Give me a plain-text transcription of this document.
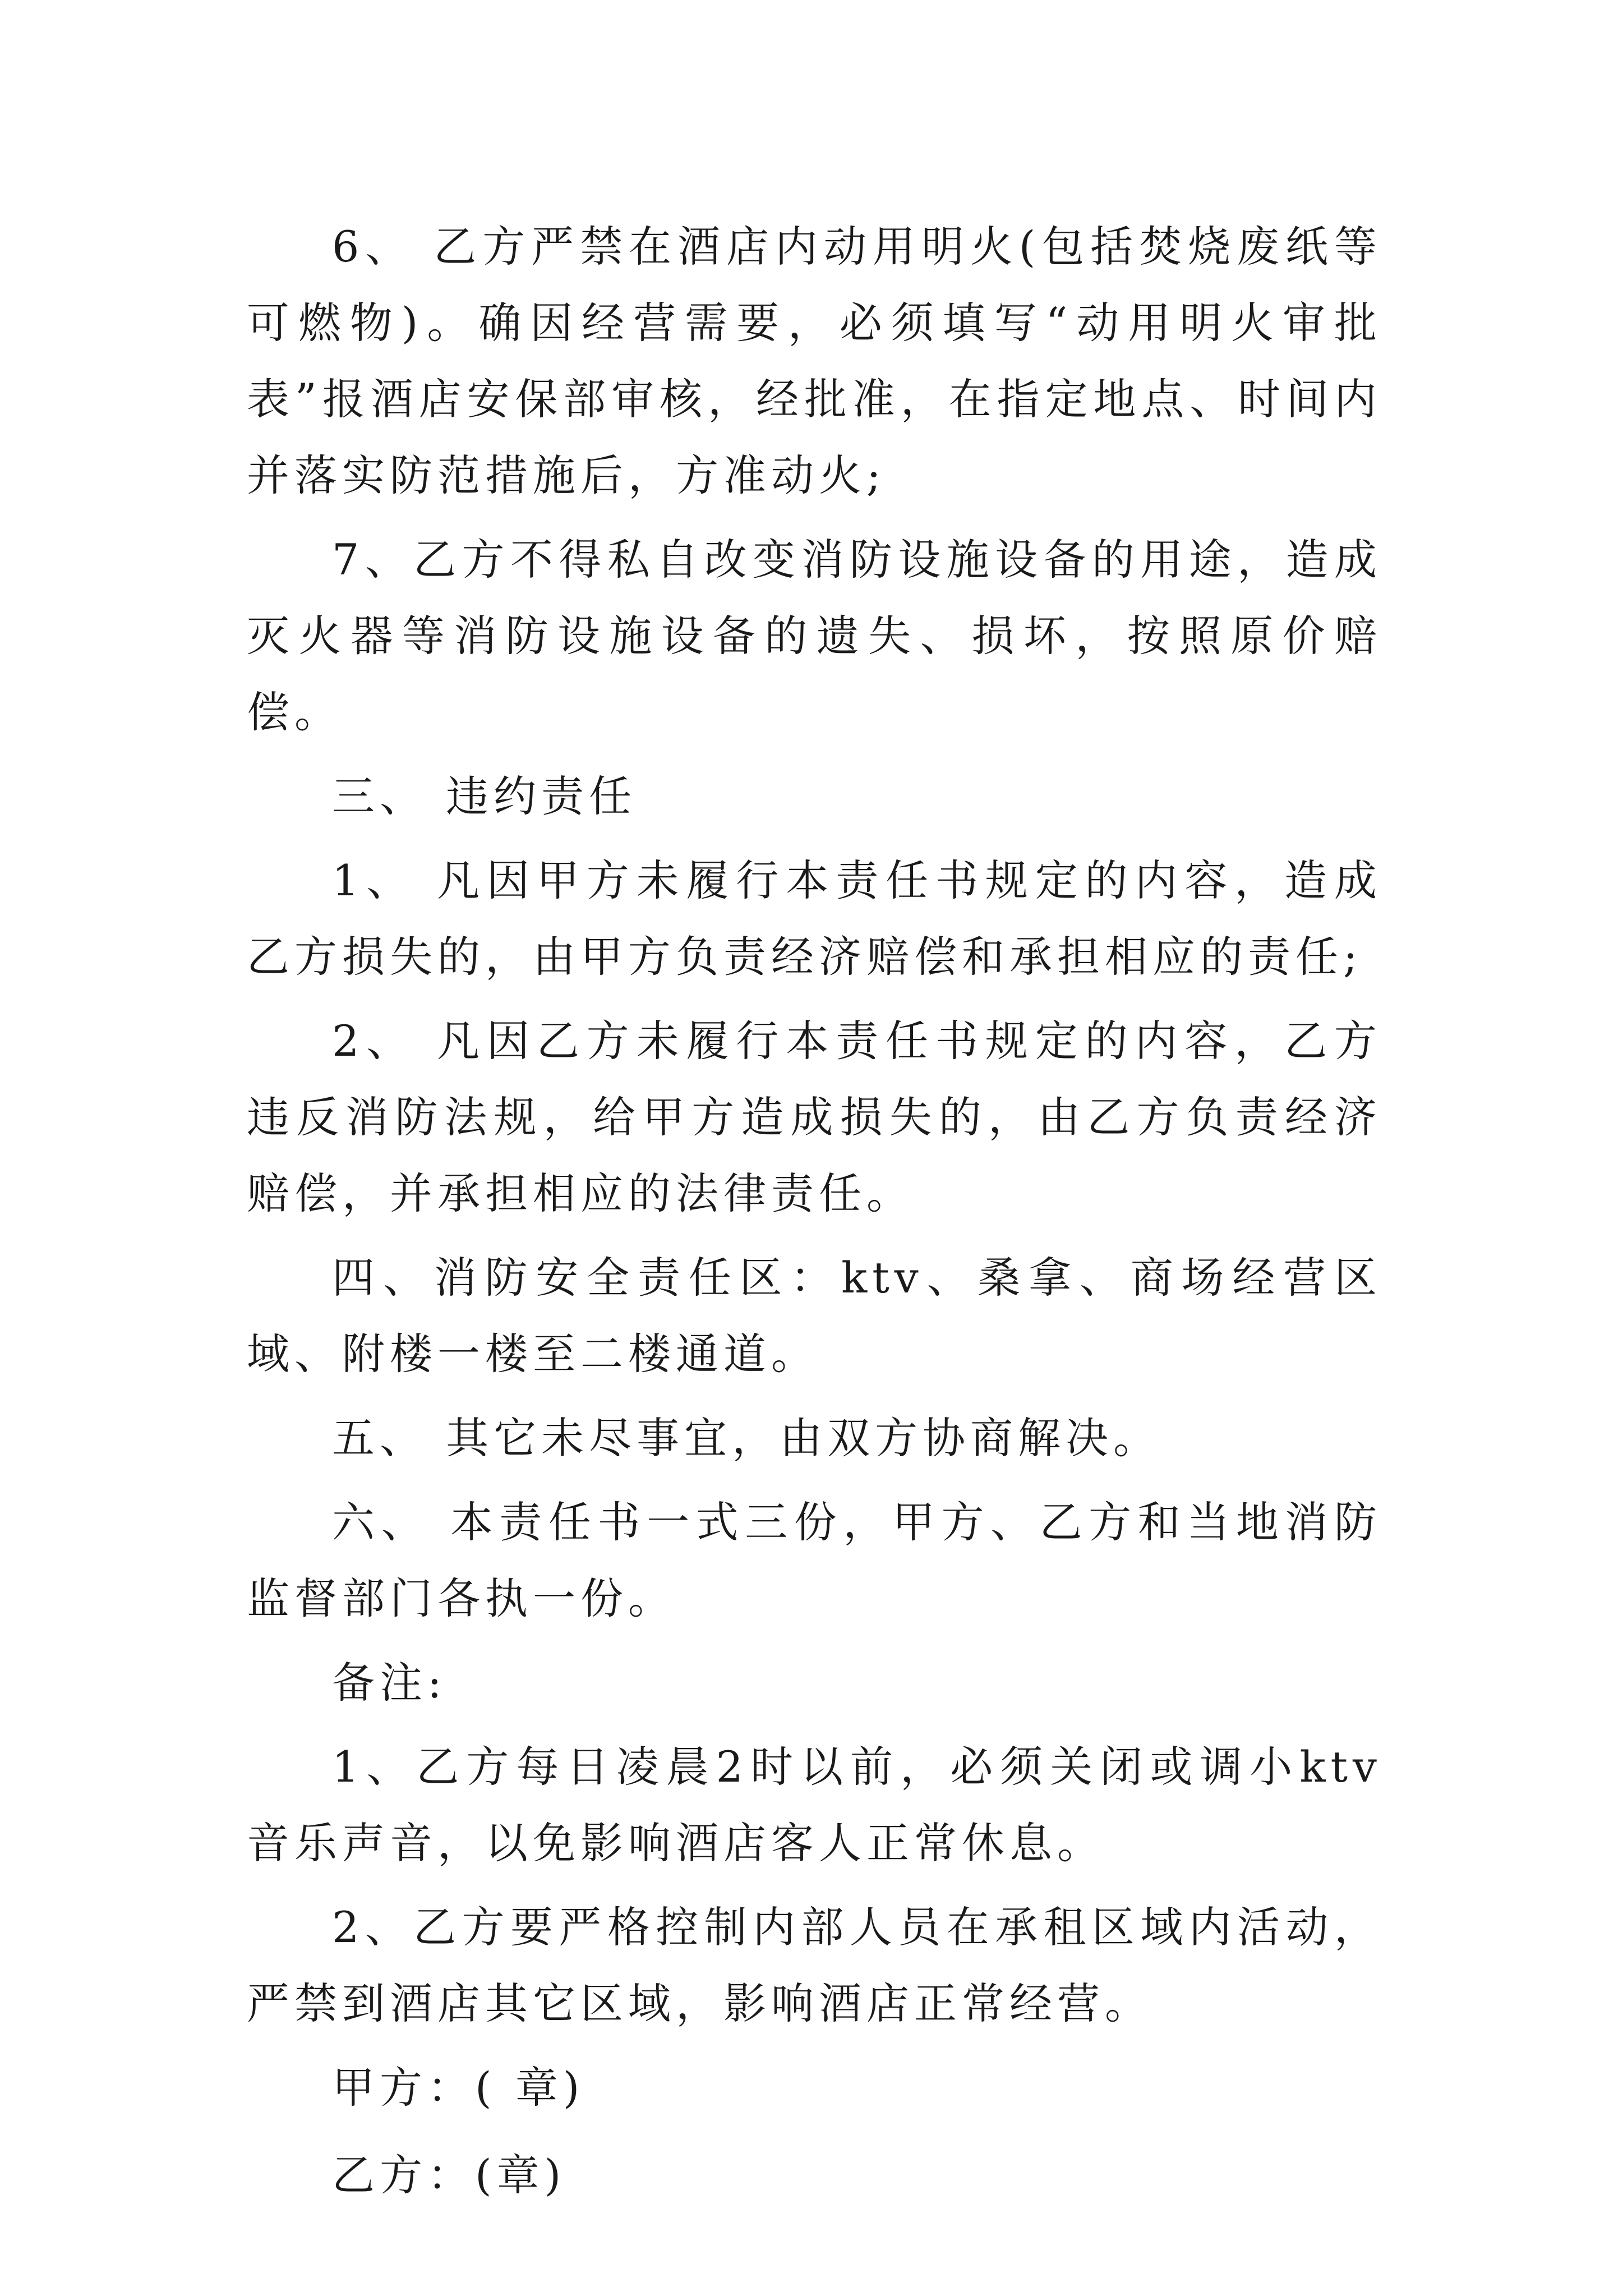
6、 乙方严禁在酒店内动用明火(包括焚烧废纸等可燃物)。确因经营需要，必须填写“动用明火审批表”报酒店安保部审核，经批准，在指定地点、时间内并落实防范措施后，方准动火;

7、乙方不得私自改变消防设施设备的用途，造成灭火器等消防设施设备的遗失、损坏，按照原价赔偿。

三、 违约责任

1、 凡因甲方未履行本责任书规定的内容，造成乙方损失的，由甲方负责经济赔偿和承担相应的责任;

2、 凡因乙方未履行本责任书规定的内容，乙方违反消防法规，给甲方造成损失的，由乙方负责经济赔偿，并承担相应的法律责任。

四、消防安全责任区：ktv、桑拿、商场经营区域、附楼一楼至二楼通道。

五、 其它未尽事宜，由双方协商解决。

六、 本责任书一式三份，甲方、乙方和当地消防监督部门各执一份。

备注:

1、乙方每日凌晨2时以前，必须关闭或调小ktv音乐声音，以免影响酒店客人正常休息。

2、乙方要严格控制内部人员在承租区域内活动，严禁到酒店其它区域，影响酒店正常经营。

甲方：( 章)

乙方：(章)
